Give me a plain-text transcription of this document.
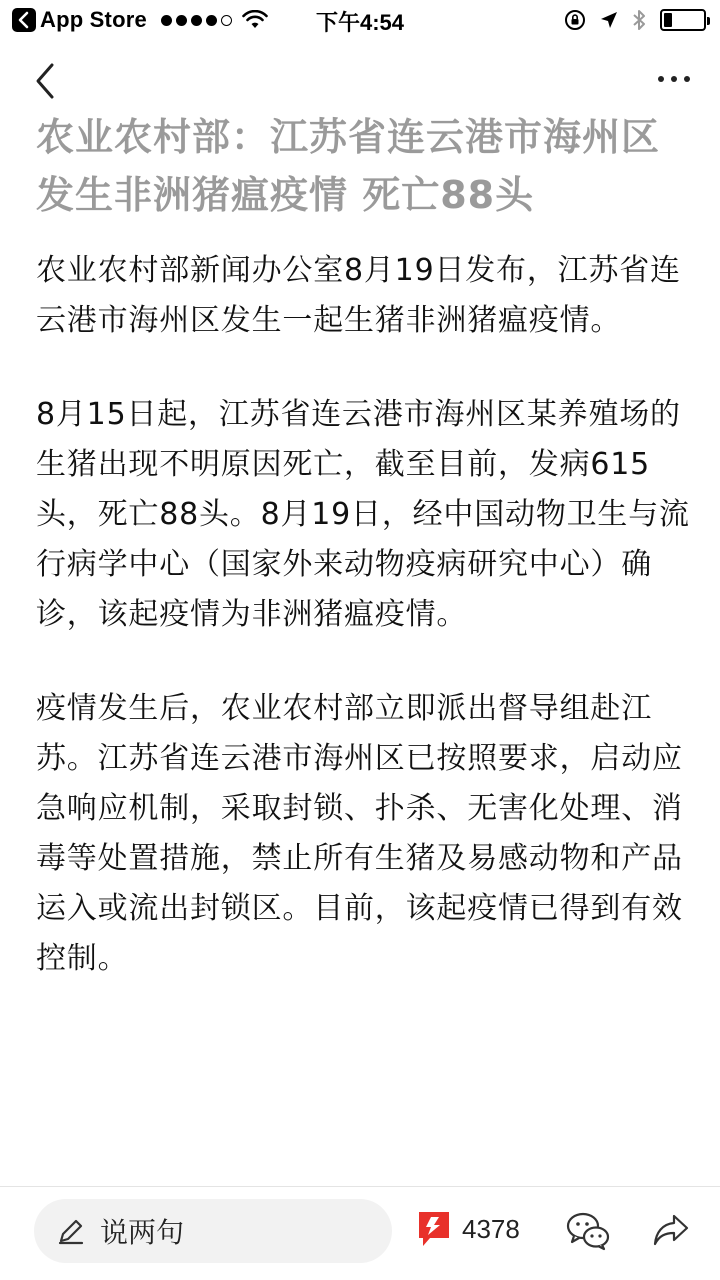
App Store	下午4:54
农业农村部：江苏省连云港市海州区发生非洲猪瘟疫情 死亡88头

农业农村部新闻办公室8月19日发布，江苏省连云港市海州区发生一起生猪非洲猪瘟疫情。

8月15日起，江苏省连云港市海州区某养殖场的生猪出现不明原因死亡，截至目前，发病615头，死亡88头。8月19日，经中国动物卫生与流行病学中心（国家外来动物疫病研究中心）确诊，该起疫情为非洲猪瘟疫情。

疫情发生后，农业农村部立即派出督导组赴江苏。江苏省连云港市海州区已按照要求，启动应急响应机制，采取封锁、扑杀、无害化处理、消毒等处置措施，禁止所有生猪及易感动物和产品运入或流出封锁区。目前，该起疫情已得到有效控制。

说两句	4378
